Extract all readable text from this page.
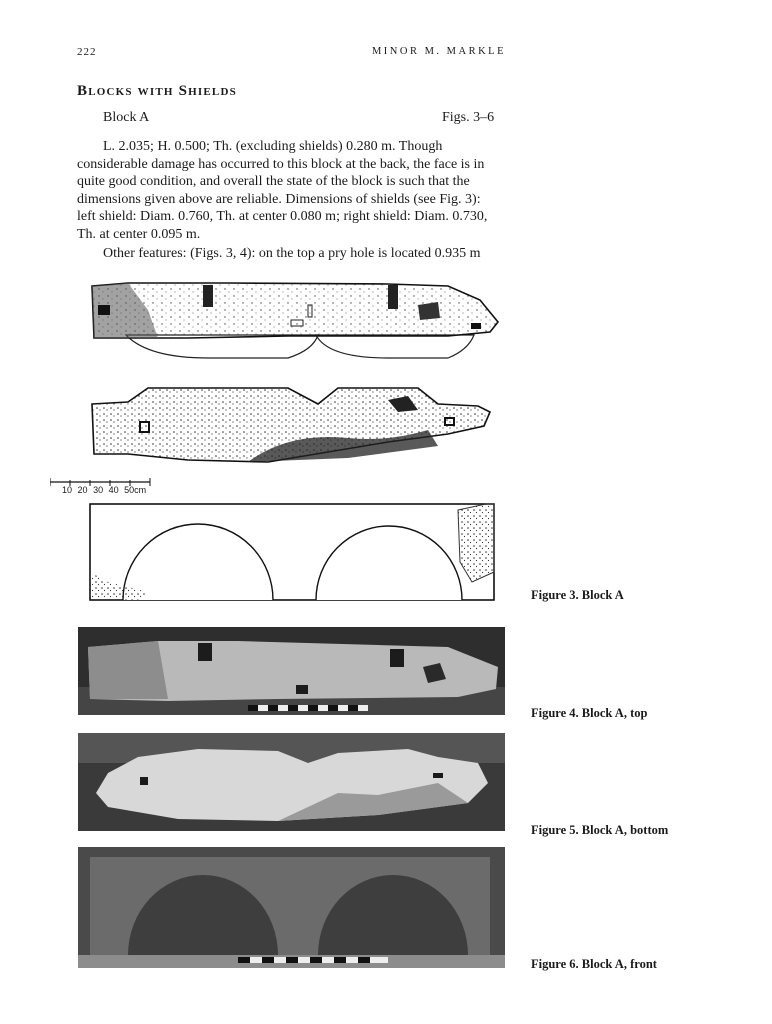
222	MINOR M. MARKLE
Blocks with Shields
Block A	Figs. 3–6
L. 2.035; H. 0.500; Th. (excluding shields) 0.280 m. Though considerable damage has occurred to this block at the back, the face is in quite good condition, and overall the state of the block is such that the dimensions given above are reliable. Dimensions of shields (see Fig. 3): left shield: Diam. 0.760, Th. at center 0.080 m; right shield: Diam. 0.730, Th. at center 0.095 m.
Other features: (Figs. 3, 4): on the top a pry hole is located 0.935 m
10 20 30 40 50cm
Figure 3. Block A
Figure 4. Block A, top
Figure 5. Block A, bottom
Figure 6. Block A, front
